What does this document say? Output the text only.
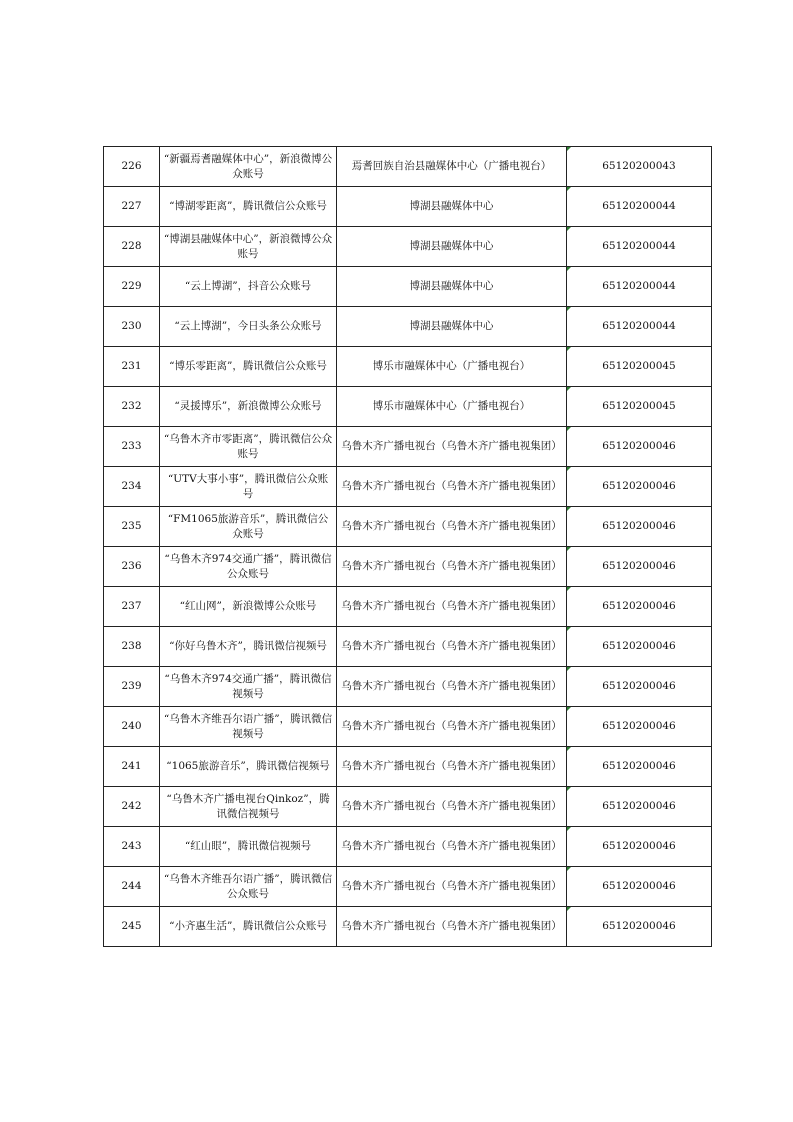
226	“新疆焉耆融媒体中心”，新浪微博公众账号	焉耆回族自治县融媒体中心（广播电视台）	65120200043

227	“博湖零距离”，腾讯微信公众账号	博湖县融媒体中心	65120200044

228	“博湖县融媒体中心”，新浪微博公众账号	博湖县融媒体中心	65120200044

229	“云上博湖”，抖音公众账号	博湖县融媒体中心	65120200044

230	“云上博湖”，今日头条公众账号	博湖县融媒体中心	65120200044

231	“博乐零距离”，腾讯微信公众账号	博乐市融媒体中心（广播电视台）	65120200045

232	“灵援博乐”，新浪微博公众账号	博乐市融媒体中心（广播电视台）	65120200045

233	“乌鲁木齐市零距离”，腾讯微信公众账号	乌鲁木齐广播电视台（乌鲁木齐广播电视集团）	65120200046

234	“UTV大事小事”，腾讯微信公众账号	乌鲁木齐广播电视台（乌鲁木齐广播电视集团）	65120200046

235	“FM1065旅游音乐”，腾讯微信公众账号	乌鲁木齐广播电视台（乌鲁木齐广播电视集团）	65120200046

236	“乌鲁木齐974交通广播”，腾讯微信公众账号	乌鲁木齐广播电视台（乌鲁木齐广播电视集团）	65120200046

237	“红山网”，新浪微博公众账号	乌鲁木齐广播电视台（乌鲁木齐广播电视集团）	65120200046

238	“你好乌鲁木齐”，腾讯微信视频号	乌鲁木齐广播电视台（乌鲁木齐广播电视集团）	65120200046

239	“乌鲁木齐974交通广播”，腾讯微信视频号	乌鲁木齐广播电视台（乌鲁木齐广播电视集团）	65120200046

240	“乌鲁木齐维吾尔语广播”，腾讯微信视频号	乌鲁木齐广播电视台（乌鲁木齐广播电视集团）	65120200046

241	“1065旅游音乐”，腾讯微信视频号	乌鲁木齐广播电视台（乌鲁木齐广播电视集团）	65120200046

242	“乌鲁木齐广播电视台Qinkoz”，腾讯微信视频号	乌鲁木齐广播电视台（乌鲁木齐广播电视集团）	65120200046

243	“红山眼”，腾讯微信视频号	乌鲁木齐广播电视台（乌鲁木齐广播电视集团）	65120200046

244	“乌鲁木齐维吾尔语广播”，腾讯微信公众账号	乌鲁木齐广播电视台（乌鲁木齐广播电视集团）	65120200046

245	“小齐惠生活”，腾讯微信公众账号	乌鲁木齐广播电视台（乌鲁木齐广播电视集团）	65120200046
